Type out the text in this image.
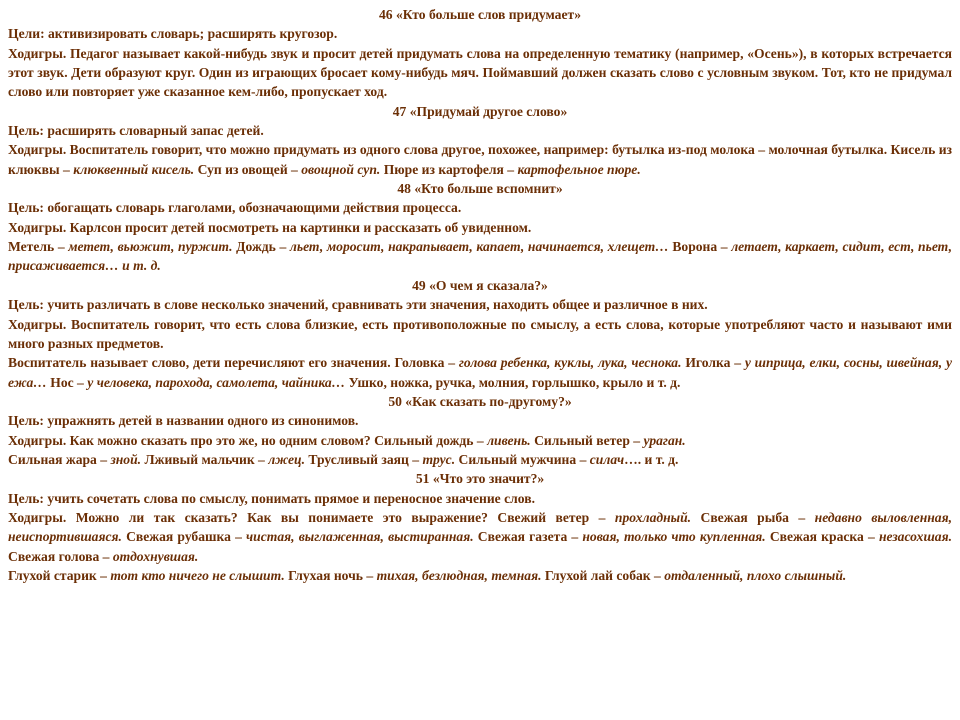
46 «Кто больше слов придумает»
Цели: активизировать словарь; расширять кругозор.
Ходигры. Педагог называет какой-нибудь звук и просит детей придумать слова на определенную тематику (например, «Осень»), в которых встречается этот звук. Дети образуют круг. Один из играющих бросает кому-нибудь мяч. Поймавший должен сказать слово с условным звуком. Тот, кто не придумал слово или повторяет уже сказанное кем-либо, пропускает ход.
47 «Придумай другое слово»
Цель: расширять словарный запас детей.
Ходигры. Воспитатель говорит, что можно придумать из одного слова другое, похожее, например: бутылка из-под молока – молочная бутылка. Кисель из клюквы – клюквенный кисель. Суп из овощей – овощной суп. Пюре из картофеля – картофельное пюре.
48 «Кто больше вспомнит»
Цель: обогащать словарь глаголами, обозначающими действия процесса.
Ходигры. Карлсон просит детей посмотреть на картинки и рассказать об увиденном.
Метель – метет, вьюжит, пуржит. Дождь – льет, моросит, накрапывает, капает, начинается, хлещет… Ворона – летает, каркает, сидит, ест, пьет, присаживается… и т. д.
49 «О чем я сказала?»
Цель: учить различать в слове несколько значений, сравнивать эти значения, находить общее и различное в них.
Ходигры. Воспитатель говорит, что есть слова близкие, есть противоположные по смыслу, а есть слова, которые употребляют часто и называют ими много разных предметов.
Воспитатель называет слово, дети перечисляют его значения. Головка – голова ребенка, куклы, лука, чеснока. Иголка – у шприца, елки, сосны, швейная, у ежа… Нос – у человека, парохода, самолета, чайника… Ушко, ножка, ручка, молния, горлышко, крыло и т. д.
50 «Как сказать по-другому?»
Цель: упражнять детей в названии одного из синонимов.
Ходигры. Как можно сказать про это же, но одним словом? Сильный дождь – ливень. Сильный ветер – ураган.
Сильная жара – зной. Лживый мальчик – лжец. Трусливый заяц – трус. Сильный мужчина – силач…. и т. д.
51 «Что это значит?»
Цель: учить сочетать слова по смыслу, понимать прямое и переносное значение слов.
Ходигры. Можно ли так сказать? Как вы понимаете это выражение? Свежий ветер – прохладный. Свежая рыба – недавно выловленная, неиспортившаяся. Свежая рубашка – чистая, выглаженная, выстиранная. Свежая газета – новая, только что купленная. Свежая краска – незасохшая. Свежая голова – отдохнувшая.
Глухой старик – тот кто ничего не слышит. Глухая ночь – тихая, безлюдная, темная. Глухой лай собак – отдаленный, плохо слышный.
